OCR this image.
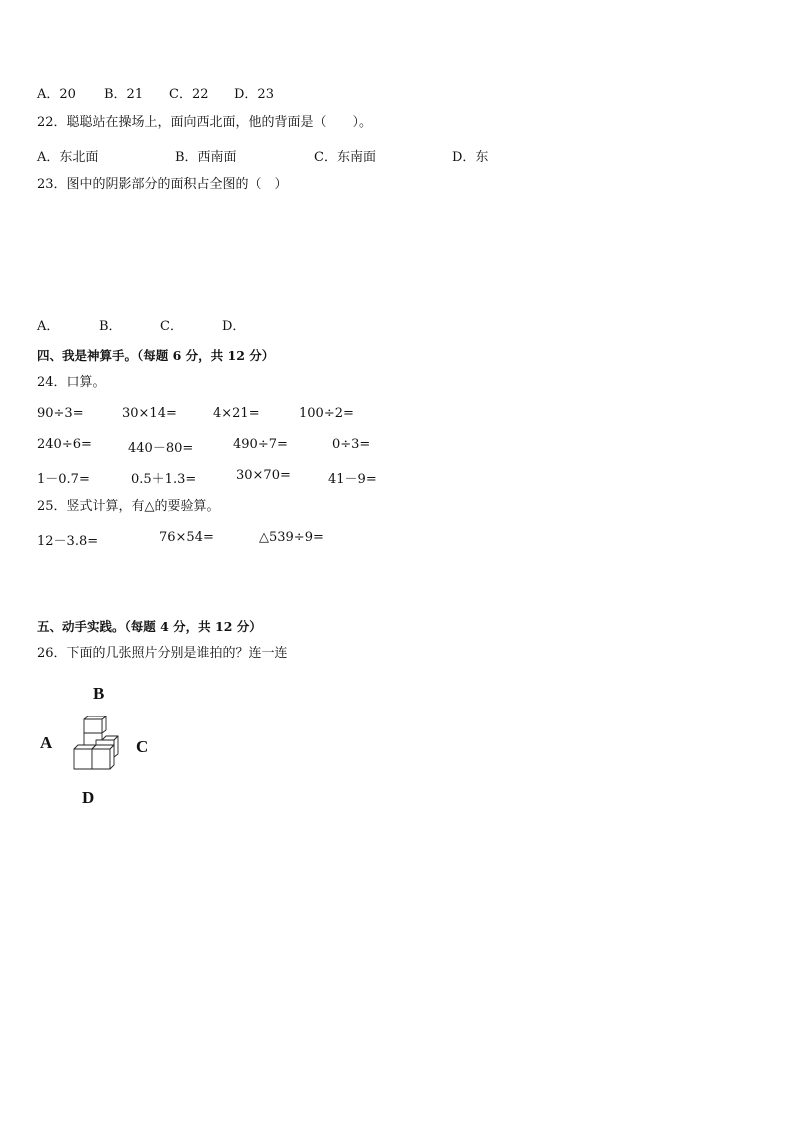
A．20 B．21 C．22 D．23
22．聪聪站在操场上，面向西北面，他的背面是（　　）。
A．东北面	B．西南面	C．东南面	D．东
23．图中的阴影部分的面积占全图的（　）
A．	B．	C．	D．
四、我是神算手。（每题 6 分，共 12 分）
24．口算。
90÷3=	30×14=	4×21=	100÷2=
240÷6=	440－80=	490÷7=	0÷3=
1－0.7=	0.5＋1.3=	30×70=	41－9=
25．竖式计算，有△的要验算。
12－3.8=	76×54=	△539÷9=
五、动手实践。（每题 4 分，共 12 分）
26．下面的几张照片分别是谁拍的？连一连
B
A	C
D
